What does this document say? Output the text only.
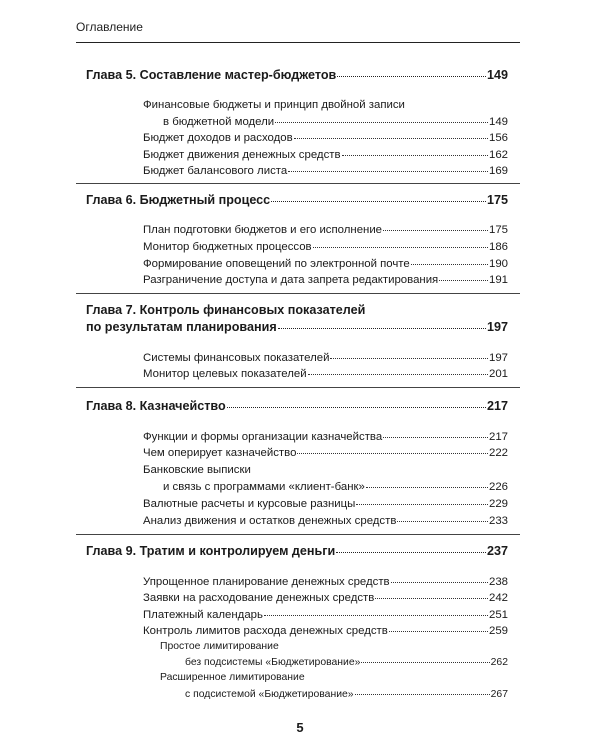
Оглавление
Глава 5. Составление мастер-бюджетов	149
Финансовые бюджеты и принцип двойной записи
в бюджетной модели	149
Бюджет доходов и расходов	156
Бюджет движения денежных средств	162
Бюджет балансового листа	169
Глава 6. Бюджетный процесс	175
План подготовки бюджетов и его исполнение	175
Монитор бюджетных процессов	186
Формирование оповещений по электронной почте	190
Разграничение доступа и дата запрета редактирования	191
Глава 7. Контроль финансовых показателей
по результатам планирования	197
Системы финансовых показателей	197
Монитор целевых показателей	201
Глава 8. Казначейство	217
Функции и формы организации казначейства	217
Чем оперирует казначейство	222
Банковские выписки
и связь с программами «клиент-банк»	226
Валютные расчеты и курсовые разницы	229
Анализ движения и остатков денежных средств	233
Глава 9. Тратим и контролируем деньги	237
Упрощенное планирование денежных средств	238
Заявки на расходование денежных средств	242
Платежный календарь	251
Контроль лимитов расхода денежных средств	259
Простое лимитирование
без подсистемы «Бюджетирование»	262
Расширенное лимитирование
с подсистемой «Бюджетирование»	267
5
